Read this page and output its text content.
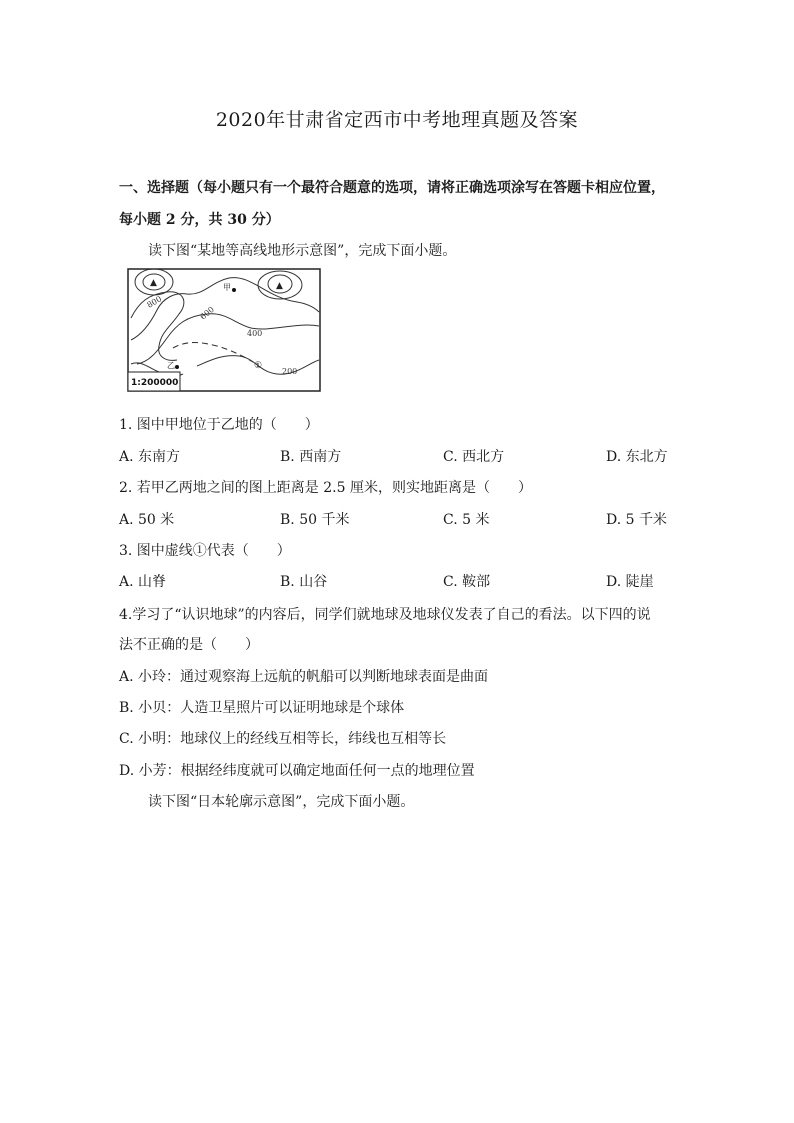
2020年甘肃省定西市中考地理真题及答案
一、选择题（每小题只有一个最符合题意的选项，请将正确选项涂写在答题卡相应位置，
每小题 2 分，共 30 分）
读下图“某地等高线地形示意图”，完成下面小题。
▲	▲
800
600
400
200
甲
乙	①
1:200000
1. 图中甲地位于乙地的（　　）
A. 东南方	B. 西南方	C. 西北方	D. 东北方
2. 若甲乙两地之间的图上距离是 2.5 厘米，则实地距离是（　　）
A. 50 米	B. 50 千米	C. 5 米	D. 5 千米
3. 图中虚线①代表（　　）
A. 山脊	B. 山谷	C. 鞍部	D. 陡崖
4.学习了“认识地球”的内容后，同学们就地球及地球仪发表了自己的看法。以下四的说
法不正确的是（　　）
A. 小玲：通过观察海上远航的帆船可以判断地球表面是曲面
B. 小贝：人造卫星照片可以证明地球是个球体
C. 小明：地球仪上的经线互相等长，纬线也互相等长
D. 小芳：根据经纬度就可以确定地面任何一点的地理位置
读下图“日本轮廓示意图”，完成下面小题。
